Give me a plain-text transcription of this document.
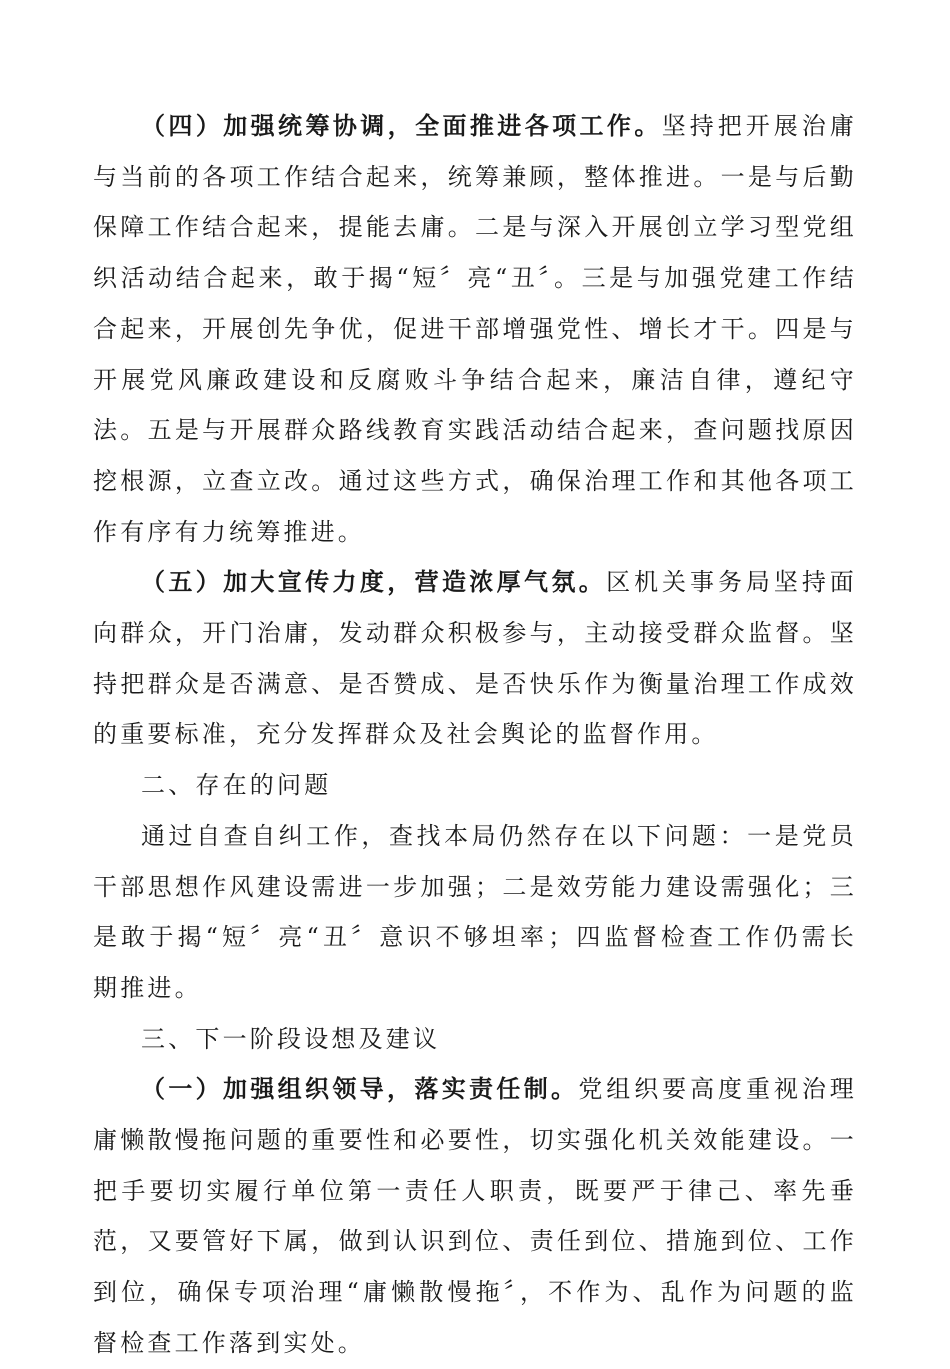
（四）加强统筹协调，全面推进各项工作。坚持把开展治庸与当前的各项工作结合起来，统筹兼顾，整体推进。一是与后勤保障工作结合起来，提能去庸。二是与深入开展创立学习型党组织活动结合起来，敢于揭“短〞亮“丑〞。三是与加强党建工作结合起来，开展创先争优，促进干部增强党性、增长才干。四是与开展党风廉政建设和反腐败斗争结合起来，廉洁自律，遵纪守法。五是与开展群众路线教育实践活动结合起来，查问题找原因挖根源，立查立改。通过这些方式，确保治理工作和其他各项工作有序有力统筹推进。

（五）加大宣传力度，营造浓厚气氛。区机关事务局坚持面向群众，开门治庸，发动群众积极参与，主动接受群众监督。坚持把群众是否满意、是否赞成、是否快乐作为衡量治理工作成效的重要标准，充分发挥群众及社会舆论的监督作用。

二、存在的问题

通过自查自纠工作，查找本局仍然存在以下问题：一是党员干部思想作风建设需进一步加强；二是效劳能力建设需强化；三是敢于揭“短〞亮“丑〞意识不够坦率；四监督检查工作仍需长期推进。

三、下一阶段设想及建议

（一）加强组织领导，落实责任制。党组织要高度重视治理庸懒散慢拖问题的重要性和必要性，切实强化机关效能建设。一把手要切实履行单位第一责任人职责，既要严于律己、率先垂范，又要管好下属，做到认识到位、责任到位、措施到位、工作到位，确保专项治理“庸懒散慢拖〞，不作为、乱作为问题的监督检查工作落到实处。
